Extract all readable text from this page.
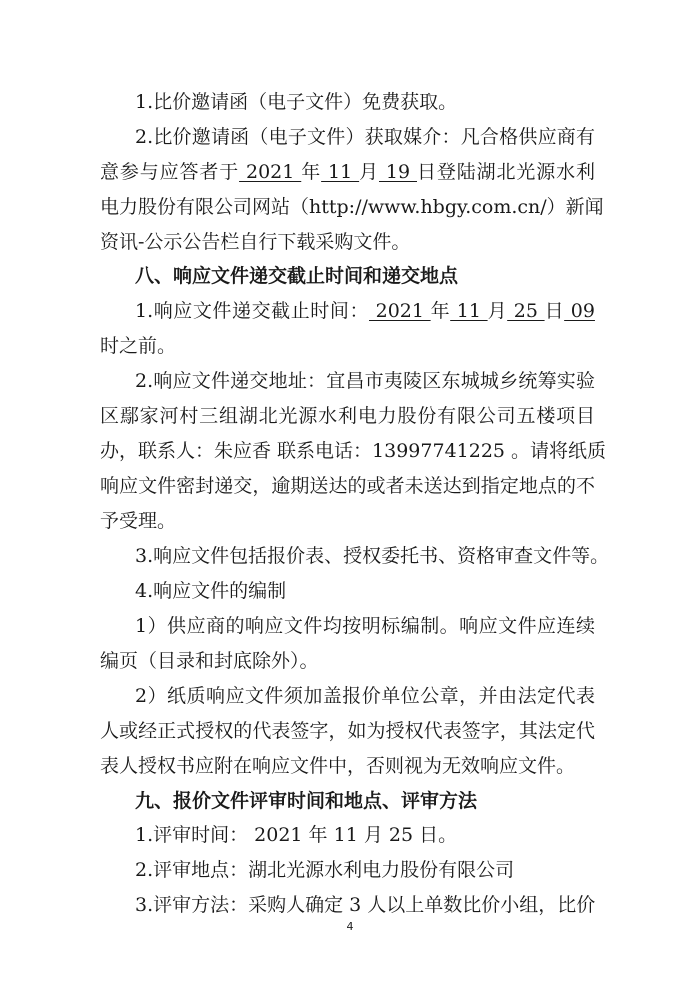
1.比价邀请函（电子文件）免费获取。
2.比价邀请函（电子文件）获取媒介：凡合格供应商有
意参与应答者于 2021 年 11 月 19 日登陆湖北光源水利
电力股份有限公司网站（http://www.hbgy.com.cn/）新闻
资讯-公示公告栏自行下载采购文件。
八、响应文件递交截止时间和递交地点
1.响应文件递交截止时间： 2021 年 11 月 25 日 09
时之前。
2.响应文件递交地址：宜昌市夷陵区东城城乡统筹实验
区鄢家河村三组湖北光源水利电力股份有限公司五楼项目
办，联系人：朱应香 联系电话：13997741225 。请将纸质
响应文件密封递交，逾期送达的或者未送达到指定地点的不
予受理。
3.响应文件包括报价表、授权委托书、资格审查文件等。
4.响应文件的编制
1）供应商的响应文件均按明标编制。响应文件应连续
编页（目录和封底除外）。
2）纸质响应文件须加盖报价单位公章，并由法定代表
人或经正式授权的代表签字，如为授权代表签字，其法定代
表人授权书应附在响应文件中，否则视为无效响应文件。
九、报价文件评审时间和地点、评审方法
1.评审时间： 2021 年 11 月 25 日。
2.评审地点：湖北光源水利电力股份有限公司
3.评审方法：采购人确定 3 人以上单数比价小组，比价
4
